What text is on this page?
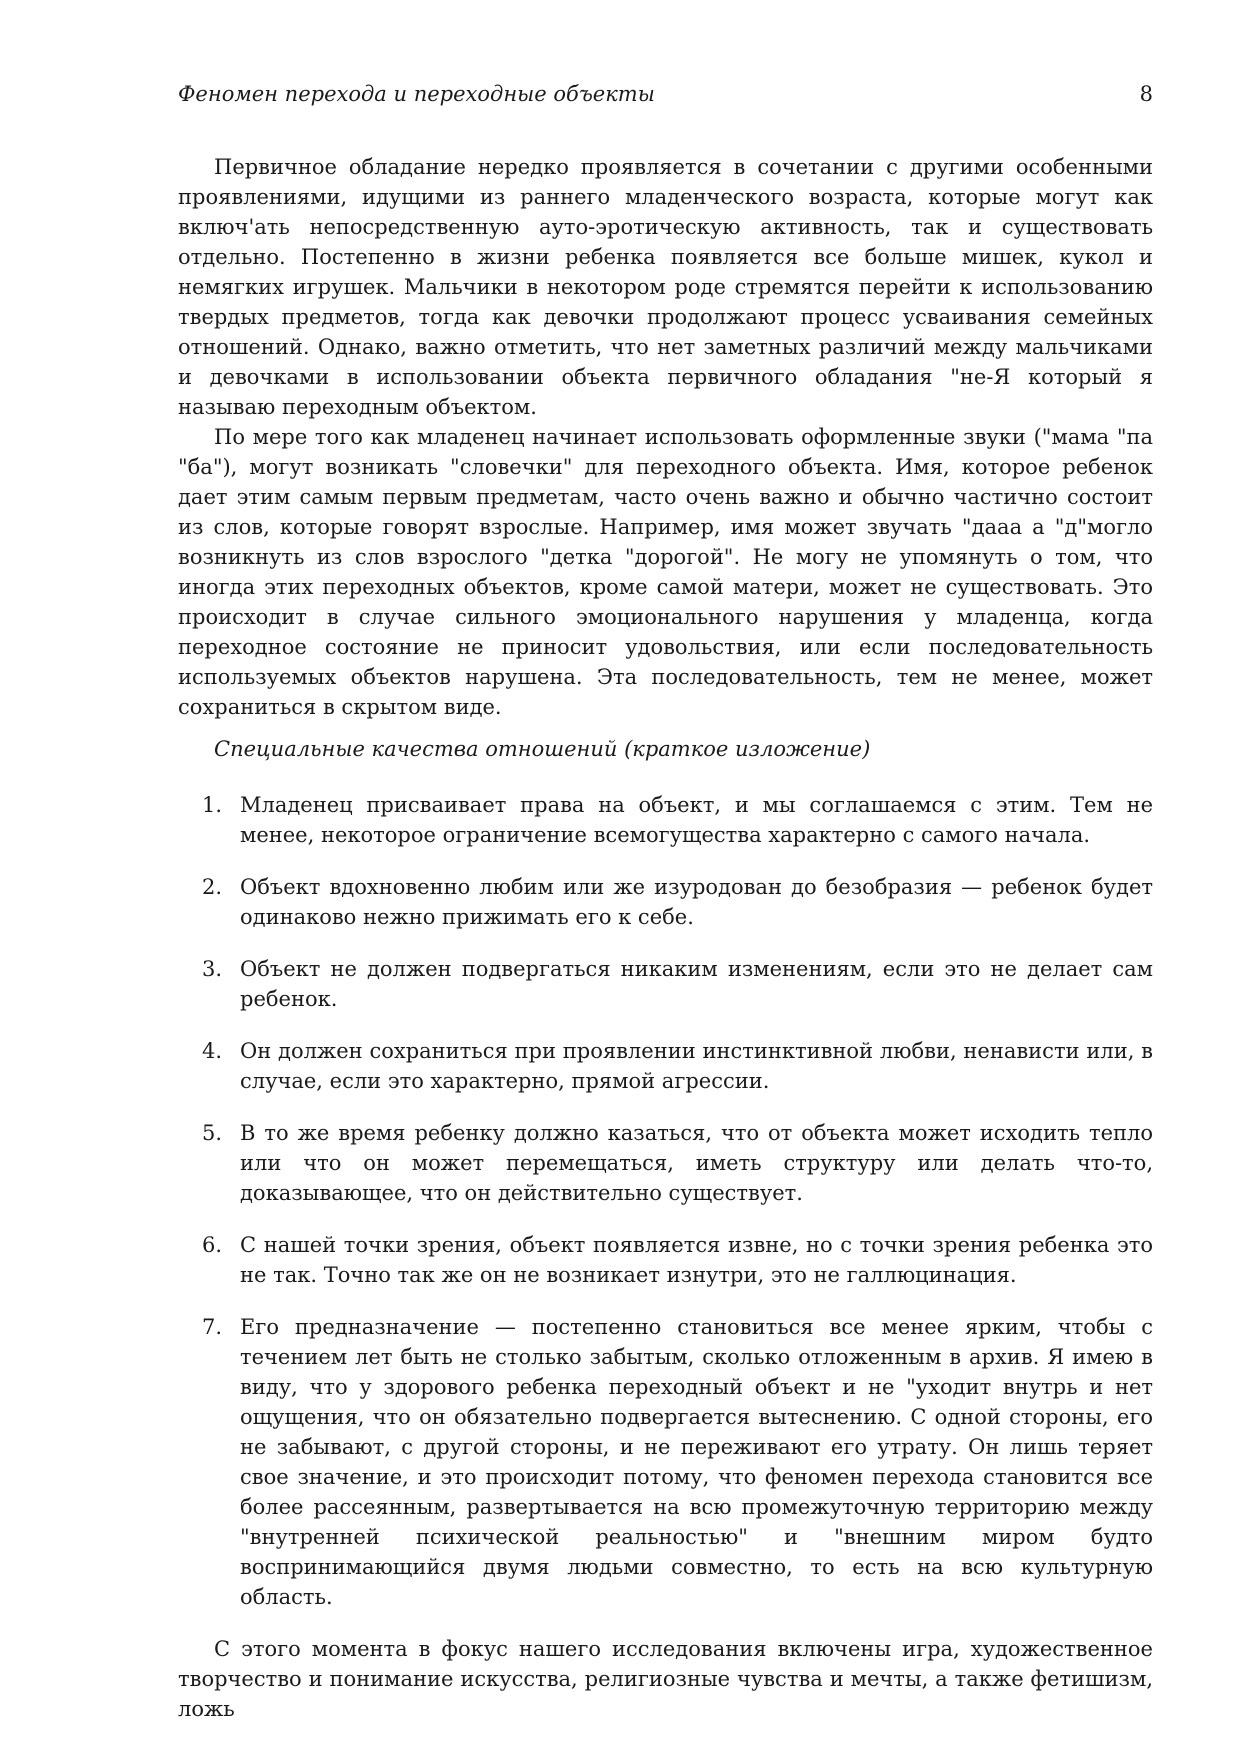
Феномен перехода и переходные объекты	8

Первичное обладание нередко проявляется в сочетании с другими особенными проявлениями, идущими из раннего младенческого возраста, которые могут как включ'ать непосредственную ауто-эротическую активность, так и существовать отдельно. Постепенно в жизни ребенка появляется все больше мишек, кукол и немягких игрушек. Мальчики в некотором роде стремятся перейти к использованию твердых предметов, тогда как девочки продолжают процесс усваивания семейных отношений. Однако, важно отметить, что нет заметных различий между мальчиками и девочками в использовании объекта первичного обладания "не-Я который я называю переходным объектом.

По мере того как младенец начинает использовать оформленные звуки ("мама "па "ба"), могут возникать "словечки" для переходного объекта. Имя, которое ребенок дает этим самым первым предметам, часто очень важно и обычно частично состоит из слов, которые говорят взрослые. Например, имя может звучать "дааа а "д"могло возникнуть из слов взрослого "детка "дорогой". Не могу не упомянуть о том, что иногда этих переходных объектов, кроме самой матери, может не существовать. Это происходит в случае сильного эмоционального нарушения у младенца, когда переходное состояние не приносит удовольствия, или если последовательность используемых объектов нарушена. Эта последовательность, тем не менее, может сохраниться в скрытом виде.

Специальные качества отношений (краткое изложение)

1. Младенец присваивает права на объект, и мы соглашаемся с этим. Тем не менее, некоторое ограничение всемогущества характерно с самого начала.
2. Объект вдохновенно любим или же изуродован до безобразия — ребенок будет одинаково нежно прижимать его к себе.
3. Объект не должен подвергаться никаким изменениям, если это не делает сам ребенок.
4. Он должен сохраниться при проявлении инстинктивной любви, ненависти или, в случае, если это характерно, прямой агрессии.
5. В то же время ребенку должно казаться, что от объекта может исходить тепло или что он может перемещаться, иметь структуру или делать что-то, доказывающее, что он действительно существует.
6. С нашей точки зрения, объект появляется извне, но с точки зрения ребенка это не так. Точно так же он не возникает изнутри, это не галлюцинация.
7. Его предназначение — постепенно становиться все менее ярким, чтобы с течением лет быть не столько забытым, сколько отложенным в архив. Я имею в виду, что у здорового ребенка переходный объект и не "уходит внутрь и нет ощущения, что он обязательно подвергается вытеснению. С одной стороны, его не забывают, с другой стороны, и не переживают его утрату. Он лишь теряет свое значение, и это происходит потому, что феномен перехода становится все более рассеянным, развертывается на всю промежуточную территорию между "внутренней психической реальностью" и "внешним миром будто воспринимающийся двумя людьми совместно, то есть на всю культурную область.

С этого момента в фокус нашего исследования включены игра, художественное творчество и понимание искусства, религиозные чувства и мечты, а также фетишизм, ложь
